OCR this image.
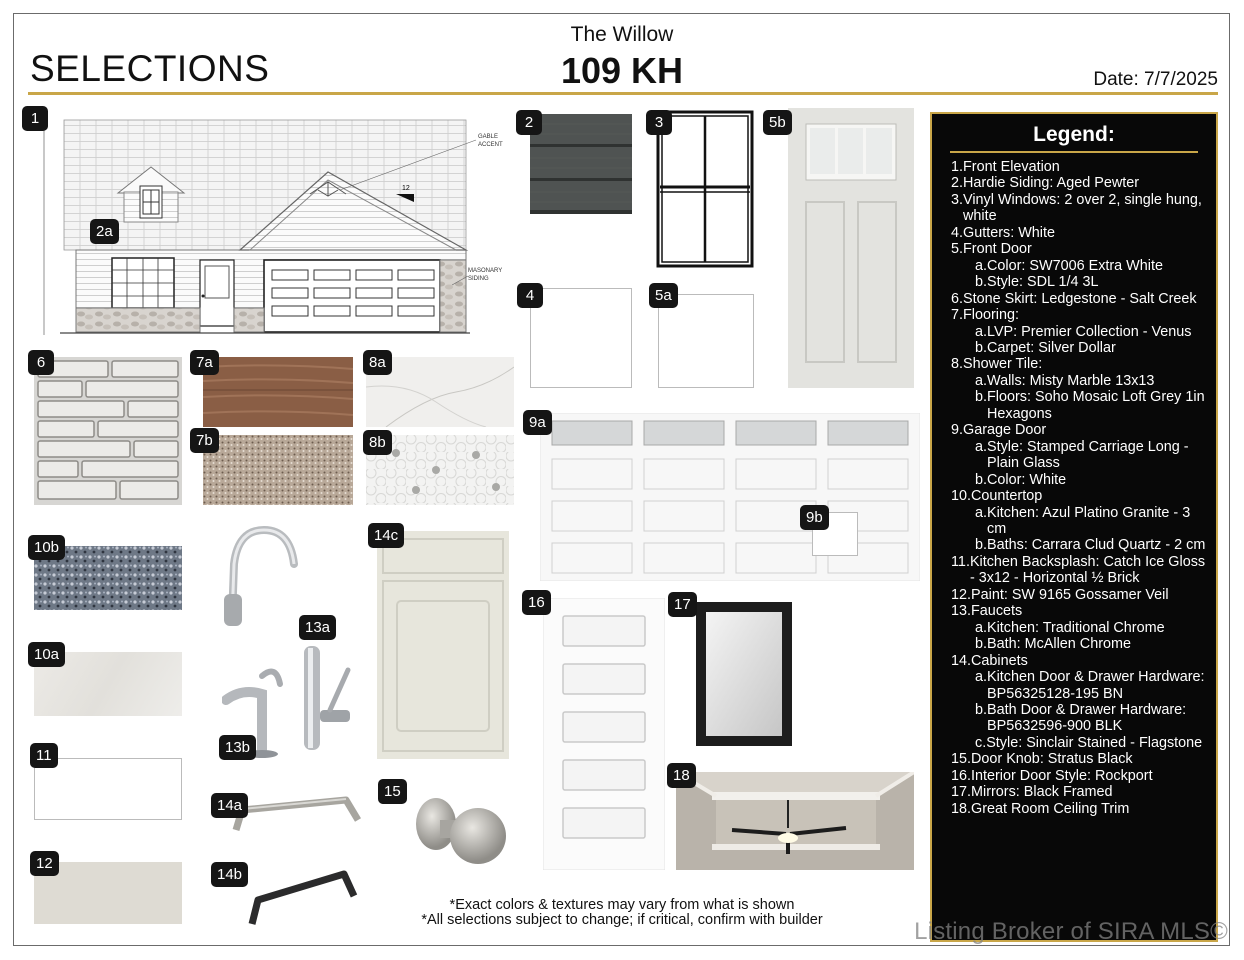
SELECTIONS
The Willow
109 KH	Date: 7/7/2025
1
12
GABLE ACCENT
MASONARY SIDING
2a
2	3
4	5a
5b
6	7a
7b
8a
8b
9a
9b
10b
10a
11
12
13a
13b
14a
14b
14c
15
16	17
18
Legend:
1. Front Elevation
2. Hardie Siding: Aged Pewter
3. Vinyl Windows: 2 over 2, single hung, white
4. Gutters: White
5. Front Door
a. Color: SW7006 Extra White
b. Style: SDL 1/4 3L
6. Stone Skirt: Ledgestone - Salt Creek
7. Flooring:
a. LVP: Premier Collection - Venus
b. Carpet: Silver Dollar
8. Shower Tile:
a. Walls: Misty Marble 13x13
b. Floors: Soho Mosaic Loft Grey 1in Hexagons
9. Garage Door
a. Style: Stamped Carriage Long - Plain Glass
b. Color: White
10. Countertop
a. Kitchen: Azul Platino Granite - 3 cm
b. Baths: Carrara Clud Quartz - 2 cm
11. Kitchen Backsplash: Catch Ice Gloss - 3x12 - Horizontal ½ Brick
12. Paint: SW 9165 Gossamer Veil
13. Faucets
a. Kitchen: Traditional Chrome
b. Bath: McAllen Chrome
14. Cabinets
a. Kitchen Door & Drawer Hardware: BP56325128-195 BN
b. Bath Door & Drawer Hardware: BP5632596-900 BLK
c. Style: Sinclair Stained - Flagstone
15. Door Knob: Stratus Black
16. Interior Door Style: Rockport
17. Mirrors: Black Framed
18. Great Room Ceiling Trim
*Exact colors & textures may vary from what is shown
*All selections subject to change; if critical, confirm with builder	Listing Broker of SIRA MLS©
